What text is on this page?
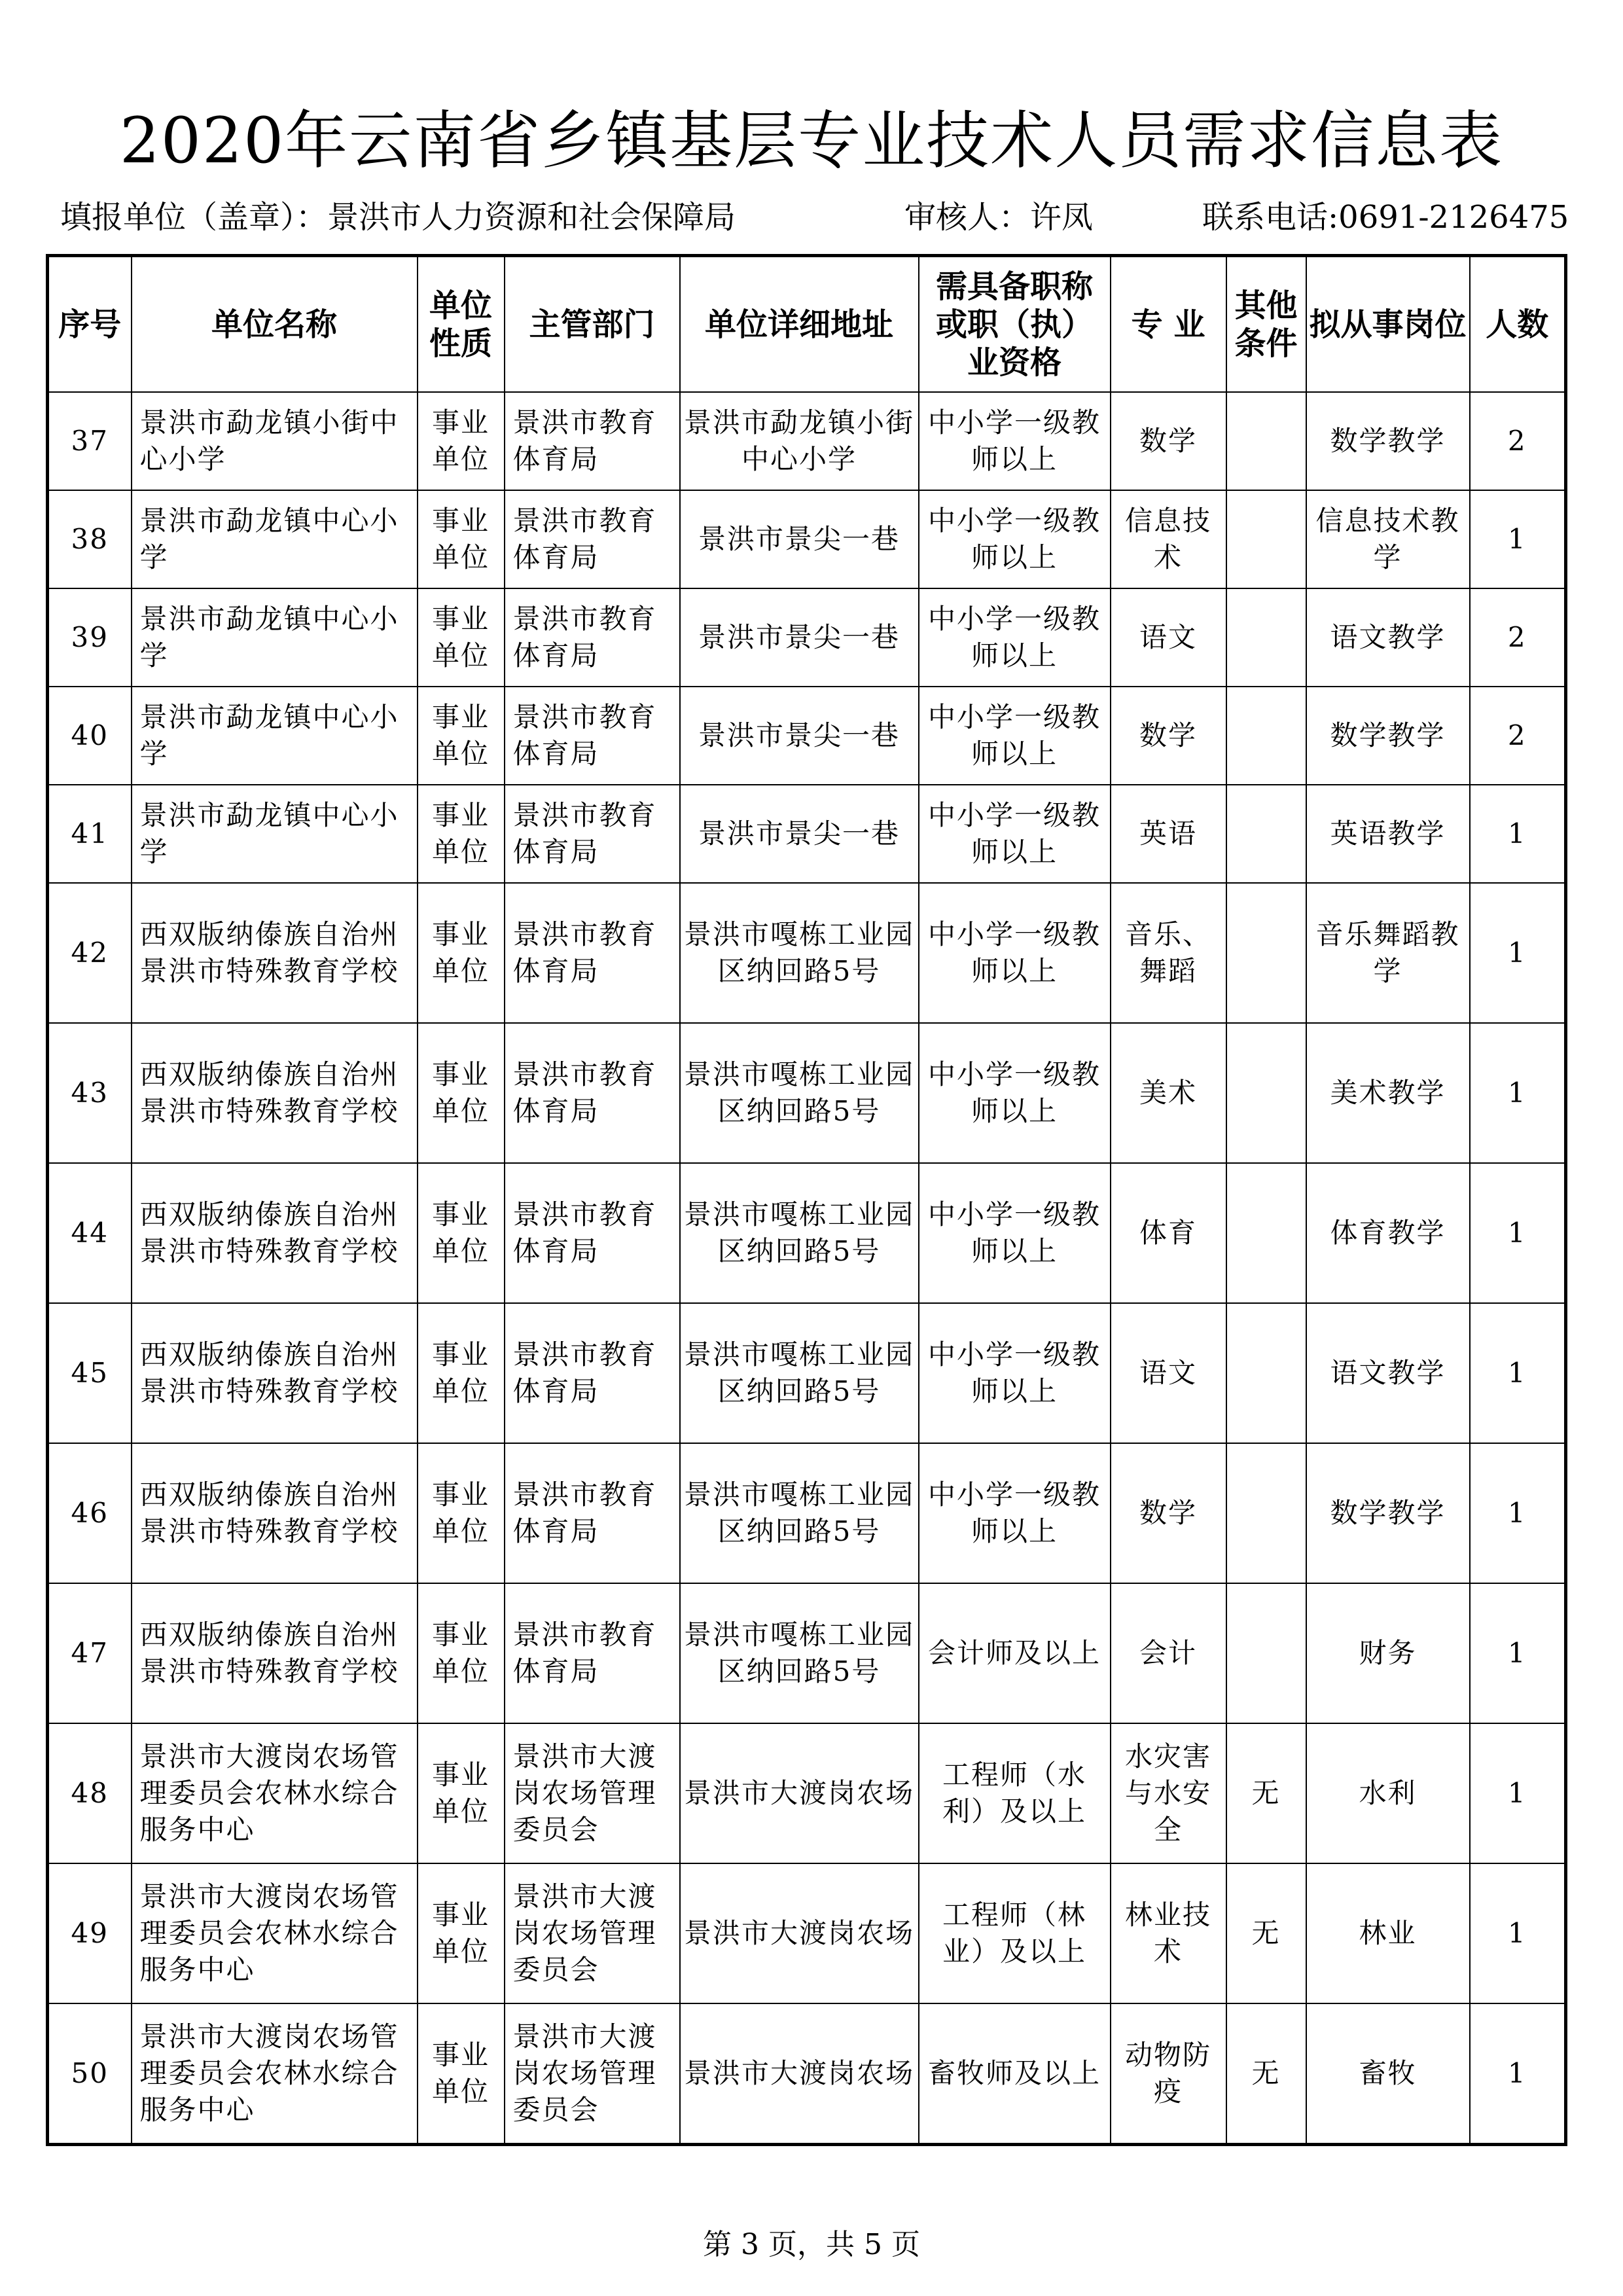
2020年云南省乡镇基层专业技术人员需求信息表
填报单位（盖章）：景洪市人力资源和社会保障局	审核人：许凤	联系电话:0691-2126475
序号	单位名称	单位性质	主管部门	单位详细地址	需具备职称或职（执）业资格	专 业	其他条件	拟从事岗位	人数
37	景洪市勐龙镇小街中心小学	事业单位	景洪市教育体育局	景洪市勐龙镇小街中心小学	中小学一级教师以上	数学		数学教学	2
38	景洪市勐龙镇中心小学	事业单位	景洪市教育体育局	景洪市景尖一巷	中小学一级教师以上	信息技术		信息技术教学	1
39	景洪市勐龙镇中心小学	事业单位	景洪市教育体育局	景洪市景尖一巷	中小学一级教师以上	语文		语文教学	2
40	景洪市勐龙镇中心小学	事业单位	景洪市教育体育局	景洪市景尖一巷	中小学一级教师以上	数学		数学教学	2
41	景洪市勐龙镇中心小学	事业单位	景洪市教育体育局	景洪市景尖一巷	中小学一级教师以上	英语		英语教学	1
42	西双版纳傣族自治州景洪市特殊教育学校	事业单位	景洪市教育体育局	景洪市嘎栋工业园区纳回路5号	中小学一级教师以上	音乐、舞蹈		音乐舞蹈教学	1
43	西双版纳傣族自治州景洪市特殊教育学校	事业单位	景洪市教育体育局	景洪市嘎栋工业园区纳回路5号	中小学一级教师以上	美术		美术教学	1
44	西双版纳傣族自治州景洪市特殊教育学校	事业单位	景洪市教育体育局	景洪市嘎栋工业园区纳回路5号	中小学一级教师以上	体育		体育教学	1
45	西双版纳傣族自治州景洪市特殊教育学校	事业单位	景洪市教育体育局	景洪市嘎栋工业园区纳回路5号	中小学一级教师以上	语文		语文教学	1
46	西双版纳傣族自治州景洪市特殊教育学校	事业单位	景洪市教育体育局	景洪市嘎栋工业园区纳回路5号	中小学一级教师以上	数学		数学教学	1
47	西双版纳傣族自治州景洪市特殊教育学校	事业单位	景洪市教育体育局	景洪市嘎栋工业园区纳回路5号	会计师及以上	会计		财务	1
48	景洪市大渡岗农场管理委员会农林水综合服务中心	事业单位	景洪市大渡岗农场管理委员会	景洪市大渡岗农场	工程师（水利）及以上	水灾害与水安全	无	水利	1
49	景洪市大渡岗农场管理委员会农林水综合服务中心	事业单位	景洪市大渡岗农场管理委员会	景洪市大渡岗农场	工程师（林业）及以上	林业技术	无	林业	1
50	景洪市大渡岗农场管理委员会农林水综合服务中心	事业单位	景洪市大渡岗农场管理委员会	景洪市大渡岗农场	畜牧师及以上	动物防疫	无	畜牧	1
第 3 页，共 5 页
